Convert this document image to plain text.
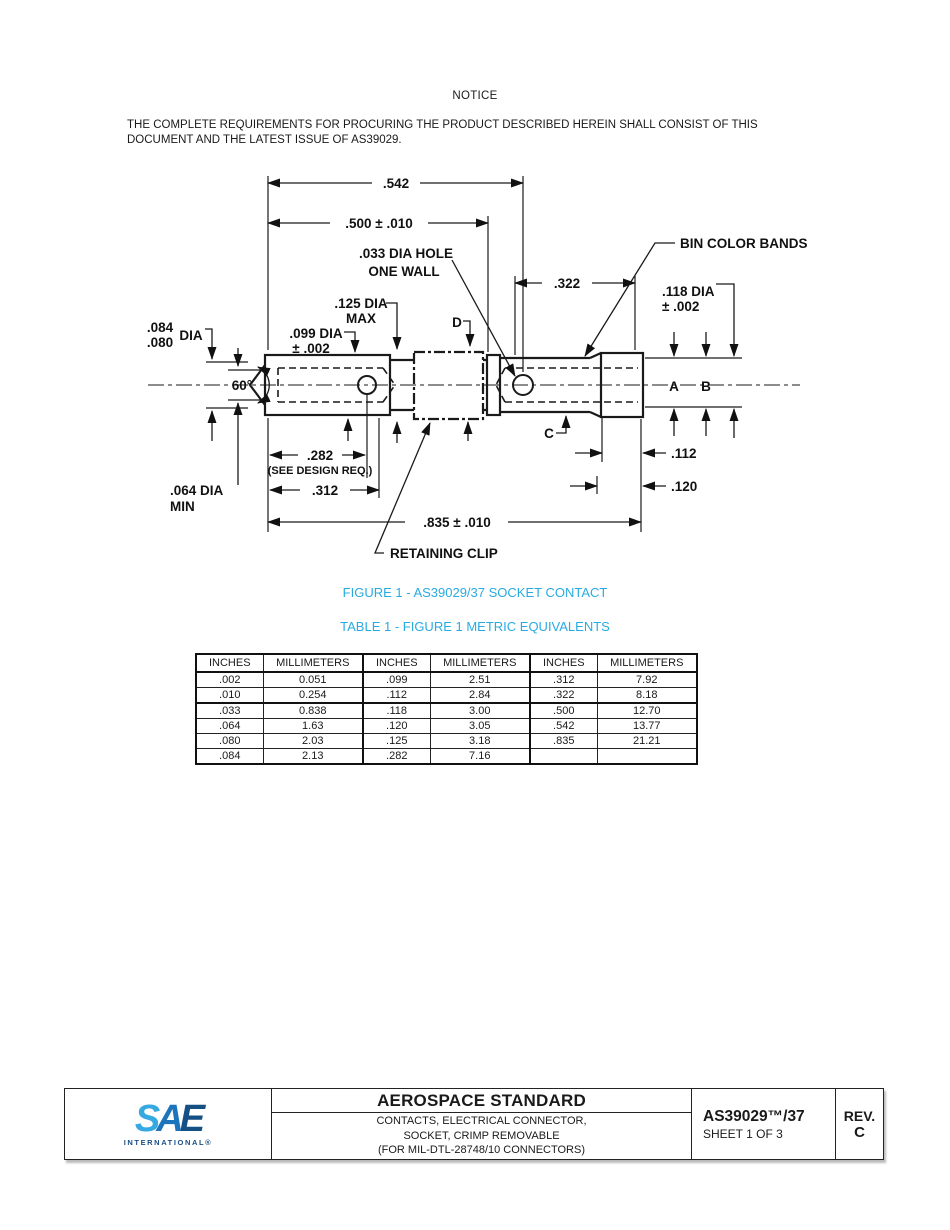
NOTICE
THE COMPLETE REQUIREMENTS FOR PROCURING THE PRODUCT DESCRIBED HEREIN SHALL CONSIST OF THIS DOCUMENT AND THE LATEST ISSUE OF AS39029.
.542
.500 ± .010
.033 DIA HOLE
ONE WALL
BIN COLOR BANDS
.322
.118 DIA
± .002
.125 DIA
MAX
.099 DIA
± .002
D
.084
.080 DIA
60°
.282
(SEE DESIGN REQ.)
.312
.064 DIA
MIN
.835 ± .010
RETAINING CLIP
A B
C
.112
.120
FIGURE 1 - AS39029/37 SOCKET CONTACT
TABLE 1 - FIGURE 1 METRIC EQUIVALENTS
INCHES	MILLIMETERS	INCHES	MILLIMETERS	INCHES	MILLIMETERS
.002	0.051	.099	2.51	.312	7.92
.010	0.254	.112	2.84	.322	8.18
.033	0.838	.118	3.00	.500	12.70
.064	1.63	.120	3.05	.542	13.77
.080	2.03	.125	3.18	.835	21.21
.084	2.13	.282	7.16		
SAE
INTERNATIONAL®
AEROSPACE STANDARD
CONTACTS, ELECTRICAL CONNECTOR,
SOCKET, CRIMP REMOVABLE
(FOR MIL-DTL-28748/10 CONNECTORS)
AS39029™/37
SHEET 1 OF 3
REV.
C
